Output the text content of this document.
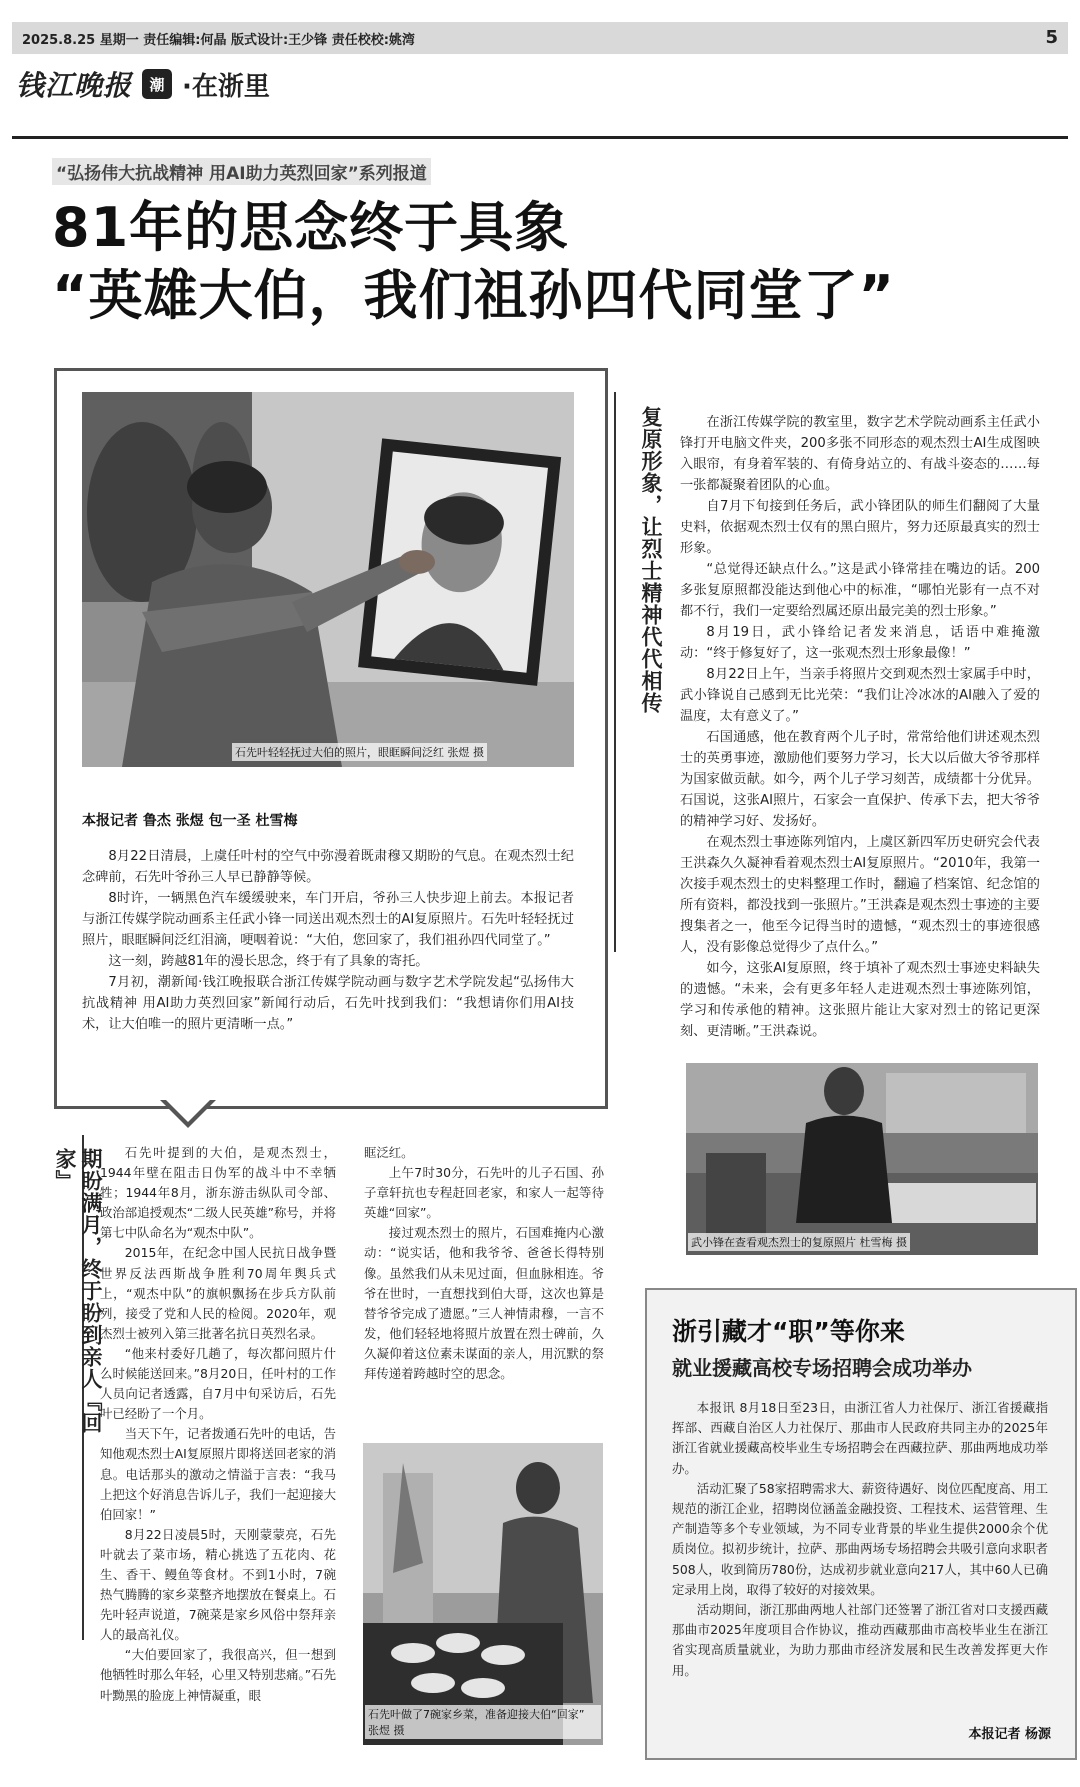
2025.8.25 星期一 责任编辑:何晶 版式设计:王少锋 责任校校:姚湾	5
钱江晚报	潮 ·在浙里
“弘扬伟大抗战精神 用AI助力英烈回家”系列报道
81年的思念终于具象
“英雄大伯，我们祖孙四代同堂了”
石先叶轻轻抚过大伯的照片，眼眶瞬间泛红 张煜 摄
本报记者 鲁杰 张煜 包一圣 杜雪梅

8月22日清晨，上虞任叶村的空气中弥漫着既肃穆又期盼的气息。在观杰烈士纪念碑前，石先叶爷孙三人早已静静等候。

8时许，一辆黑色汽车缓缓驶来，车门开启，爷孙三人快步迎上前去。本报记者与浙江传媒学院动画系主任武小锋一同送出观杰烈士的AI复原照片。石先叶轻轻抚过照片，眼眶瞬间泛红泪滴，哽咽着说：“大伯，您回家了，我们祖孙四代同堂了。”

这一刻，跨越81年的漫长思念，终于有了具象的寄托。

7月初，潮新闻·钱江晚报联合浙江传媒学院动画与数字艺术学院发起“弘扬伟大抗战精神 用AI助力英烈回家”新闻行动后，石先叶找到我们：“我想请你们用AI技术，让大伯唯一的照片更清晰一点。”

复原形象，让烈士精神代代相传	在浙江传媒学院的教室里，数字艺术学院动画系主任武小锋打开电脑文件夹，200多张不同形态的观杰烈士AI生成图映入眼帘，有身着军装的、有倚身站立的、有战斗姿态的……每一张都凝聚着团队的心血。

自7月下旬接到任务后，武小锋团队的师生们翻阅了大量史料，依据观杰烈士仅有的黑白照片，努力还原最真实的烈士形象。

“总觉得还缺点什么。”这是武小锋常挂在嘴边的话。200多张复原照都没能达到他心中的标准，“哪怕光影有一点不对都不行，我们一定要给烈属还原出最完美的烈士形象。”

8月19日，武小锋给记者发来消息，话语中难掩激动：“终于修复好了，这一张观杰烈士形象最像！”

8月22日上午，当亲手将照片交到观杰烈士家属手中时，武小锋说自己感到无比光荣：“我们让冷冰冰的AI融入了爱的温度，太有意义了。”

石国通感，他在教育两个儿子时，常常给他们讲述观杰烈士的英勇事迹，激励他们要努力学习，长大以后做大爷爷那样为国家做贡献。如今，两个儿子学习刻苦，成绩都十分优异。石国说，这张AI照片，石家会一直保护、传承下去，把大爷爷的精神学习好、发扬好。

在观杰烈士事迹陈列馆内，上虞区新四军历史研究会代表王洪森久久凝神看着观杰烈士AI复原照片。“2010年，我第一次接手观杰烈士的史料整理工作时，翻遍了档案馆、纪念馆的所有资料，都没找到一张照片。”王洪森是观杰烈士事迹的主要搜集者之一，他至今记得当时的遗憾，“观杰烈士的事迹很感人，没有影像总觉得少了点什么。”

如今，这张AI复原照，终于填补了观杰烈士事迹史料缺失的遗憾。“未来，会有更多年轻人走进观杰烈士事迹陈列馆，学习和传承他的精神。这张照片能让大家对烈士的铭记更深刻、更清晰。”王洪森说。

武小锋在查看观杰烈士的复原照片 杜雪梅 摄
期盼满月，终于盼到亲人『回家』	石先叶提到的大伯，是观杰烈士，1944年壁在阻击日伪军的战斗中不幸牺牲；1944年8月，浙东游击纵队司令部、政治部追授观杰“二级人民英雄”称号，并将第七中队命名为“观杰中队”。

2015年，在纪念中国人民抗日战争暨世界反法西斯战争胜利70周年舆兵式上，“观杰中队”的旗帜飘扬在步兵方队前列，接受了党和人民的检阅。2020年，观杰烈士被列入第三批著名抗日英烈名录。

“他来村委好几趟了，每次都问照片什么时候能送回来。”8月20日，任叶村的工作人员向记者透露，自7月中旬采访后，石先叶已经盼了一个月。

当天下午，记者拨通石先叶的电话，告知他观杰烈士AI复原照片即将送回老家的消息。电话那头的激动之情溢于言表：“我马上把这个好消息告诉儿子，我们一起迎接大伯回家！”

8月22日凌晨5时，天刚蒙蒙亮，石先叶就去了菜市场，精心挑选了五花肉、花生、香干、鳗鱼等食材。不到1小时，7碗热气腾腾的家乡菜整齐地摆放在餐桌上。石先叶轻声说道，7碗菜是家乡风俗中祭拜亲人的最高礼仪。

“大伯要回家了，我很高兴，但一想到他牺牲时那么年轻，心里又特别悲痛。”石先叶黝黑的脸庞上神情凝重，眼

眶泛红。

上午7时30分，石先叶的儿子石国、孙子章轩抗也专程赶回老家，和家人一起等待英雄“回家”。

接过观杰烈士的照片，石国难掩内心激动：“说实话，他和我爷爷、爸爸长得特别像。虽然我们从未见过面，但血脉相连。爷爷在世时，一直想找到伯大哥，这次也算是替爷爷完成了遗愿。”三人神情肃穆，一言不发，他们轻轻地将照片放置在烈士碑前，久久凝仰着这位素未谋面的亲人，用沉默的祭拜传递着跨越时空的思念。

石先叶做了7碗家乡菜，准备迎接大伯“回家” 张煜 摄
浙引藏才“职”等你来
就业援藏高校专场招聘会成功举办

本报讯 8月18日至23日，由浙江省人力社保厅、浙江省援藏指挥部、西藏自治区人力社保厅、那曲市人民政府共同主办的2025年浙江省就业援藏高校毕业生专场招聘会在西藏拉萨、那曲两地成功举办。

活动汇聚了58家招聘需求大、薪资待遇好、岗位匹配度高、用工规范的浙江企业，招聘岗位涵盖金融投资、工程技术、运营管理、生产制造等多个专业领域，为不同专业背景的毕业生提供2000余个优质岗位。拟初步统计，拉萨、那曲两场专场招聘会共吸引意向求职者508人，收到简历780份，达成初步就业意向217人，其中60人已确定录用上岗，取得了较好的对接效果。

活动期间，浙江那曲两地人社部门还签署了浙江省对口支援西藏那曲市2025年度项目合作协议，推动西藏那曲市高校毕业生在浙江省实现高质量就业，为助力那曲市经济发展和民生改善发挥更大作用。

本报记者 杨源
